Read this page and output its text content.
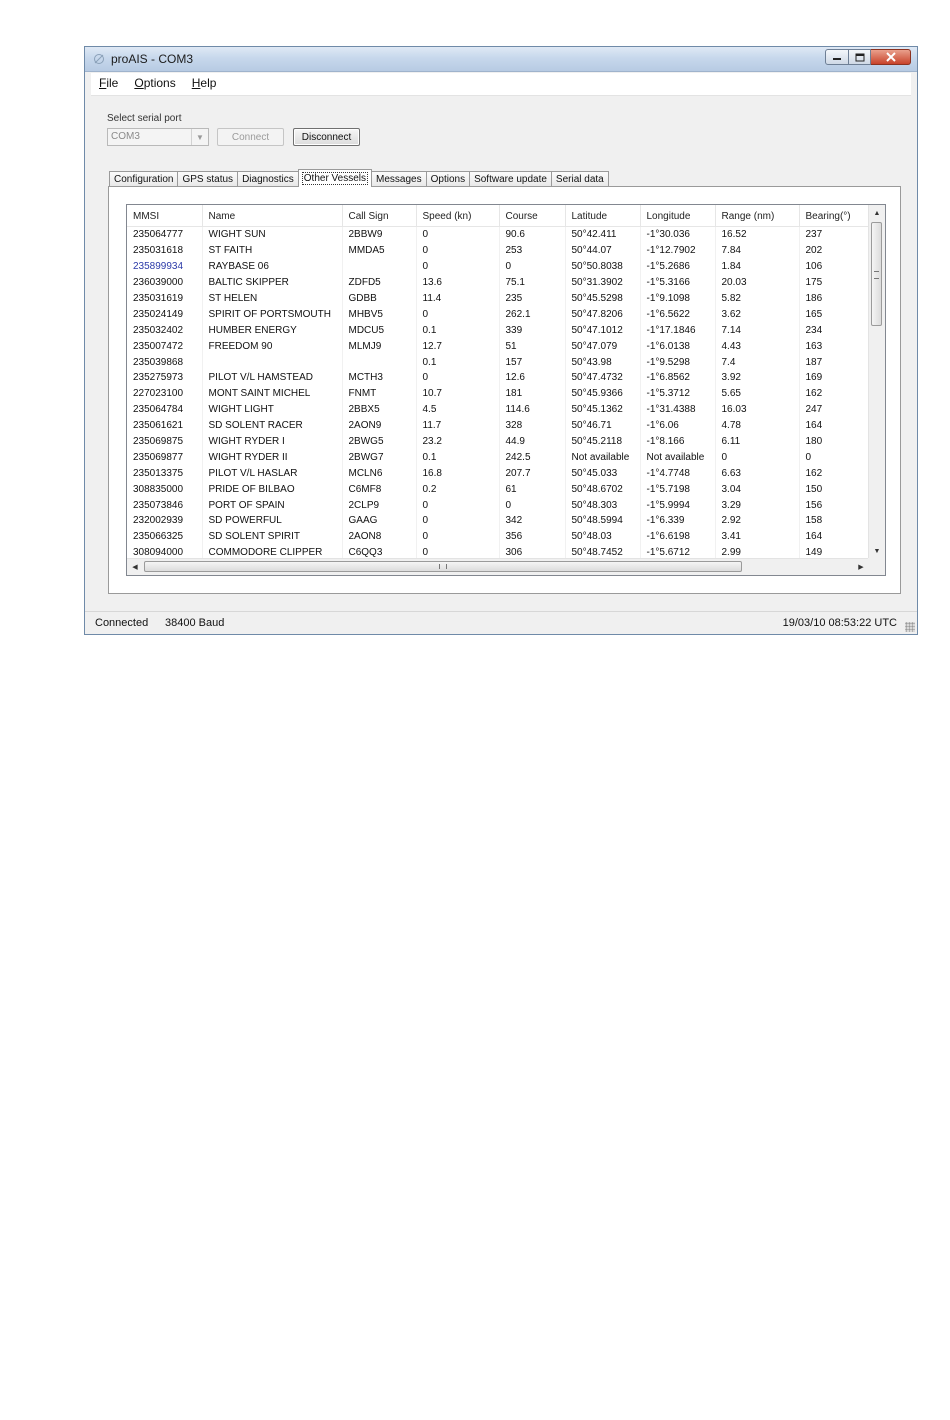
proAIS - COM3
File	Options	Help
Select serial port
COM3	▼	Connect	Disconnect
Configuration GPS status Diagnostics Other Vessels Messages Options Software update Serial data
MMSI	Name	Call Sign	Speed (kn)	Course	Latitude	Longitude	Range (nm)	Bearing(°)
235064777	WIGHT SUN	2BBW9	0	90.6	50°42.411	-1°30.036	16.52	237
235031618	ST FAITH	MMDA5	0	253	50°44.07	-1°12.7902	7.84	202
235899934	RAYBASE 06		0	0	50°50.8038	-1°5.2686	1.84	106
236039000	BALTIC SKIPPER	ZDFD5	13.6	75.1	50°31.3902	-1°5.3166	20.03	175
235031619	ST HELEN	GDBB	11.4	235	50°45.5298	-1°9.1098	5.82	186
235024149	SPIRIT OF PORTSMOUTH	MHBV5	0	262.1	50°47.8206	-1°6.5622	3.62	165
235032402	HUMBER ENERGY	MDCU5	0.1	339	50°47.1012	-1°17.1846	7.14	234
235007472	FREEDOM 90	MLMJ9	12.7	51	50°47.079	-1°6.0138	4.43	163
235039868			0.1	157	50°43.98	-1°9.5298	7.4	187
235275973	PILOT V/L HAMSTEAD	MCTH3	0	12.6	50°47.4732	-1°6.8562	3.92	169
227023100	MONT SAINT MICHEL	FNMT	10.7	181	50°45.9366	-1°5.3712	5.65	162
235064784	WIGHT LIGHT	2BBX5	4.5	114.6	50°45.1362	-1°31.4388	16.03	247
235061621	SD SOLENT RACER	2AON9	11.7	328	50°46.71	-1°6.06	4.78	164
235069875	WIGHT RYDER I	2BWG5	23.2	44.9	50°45.2118	-1°8.166	6.11	180
235069877	WIGHT RYDER II	2BWG7	0.1	242.5	Not available	Not available	0	0
235013375	PILOT V/L HASLAR	MCLN6	16.8	207.7	50°45.033	-1°4.7748	6.63	162
308835000	PRIDE OF BILBAO	C6MF8	0.2	61	50°48.6702	-1°5.7198	3.04	150
235073846	PORT OF SPAIN	2CLP9	0	0	50°48.303	-1°5.9994	3.29	156
232002939	SD POWERFUL	GAAG	0	342	50°48.5994	-1°6.339	2.92	158
235066325	SD SOLENT SPIRIT	2AON8	0	356	50°48.03	-1°6.6198	3.41	164
308094000	COMMODORE CLIPPER	C6QQ3	0	306	50°48.7452	-1°5.6712	2.99	149
▲
▼
◀	▶
Connected 38400 Baud	19/03/10 08:53:22 UTC
